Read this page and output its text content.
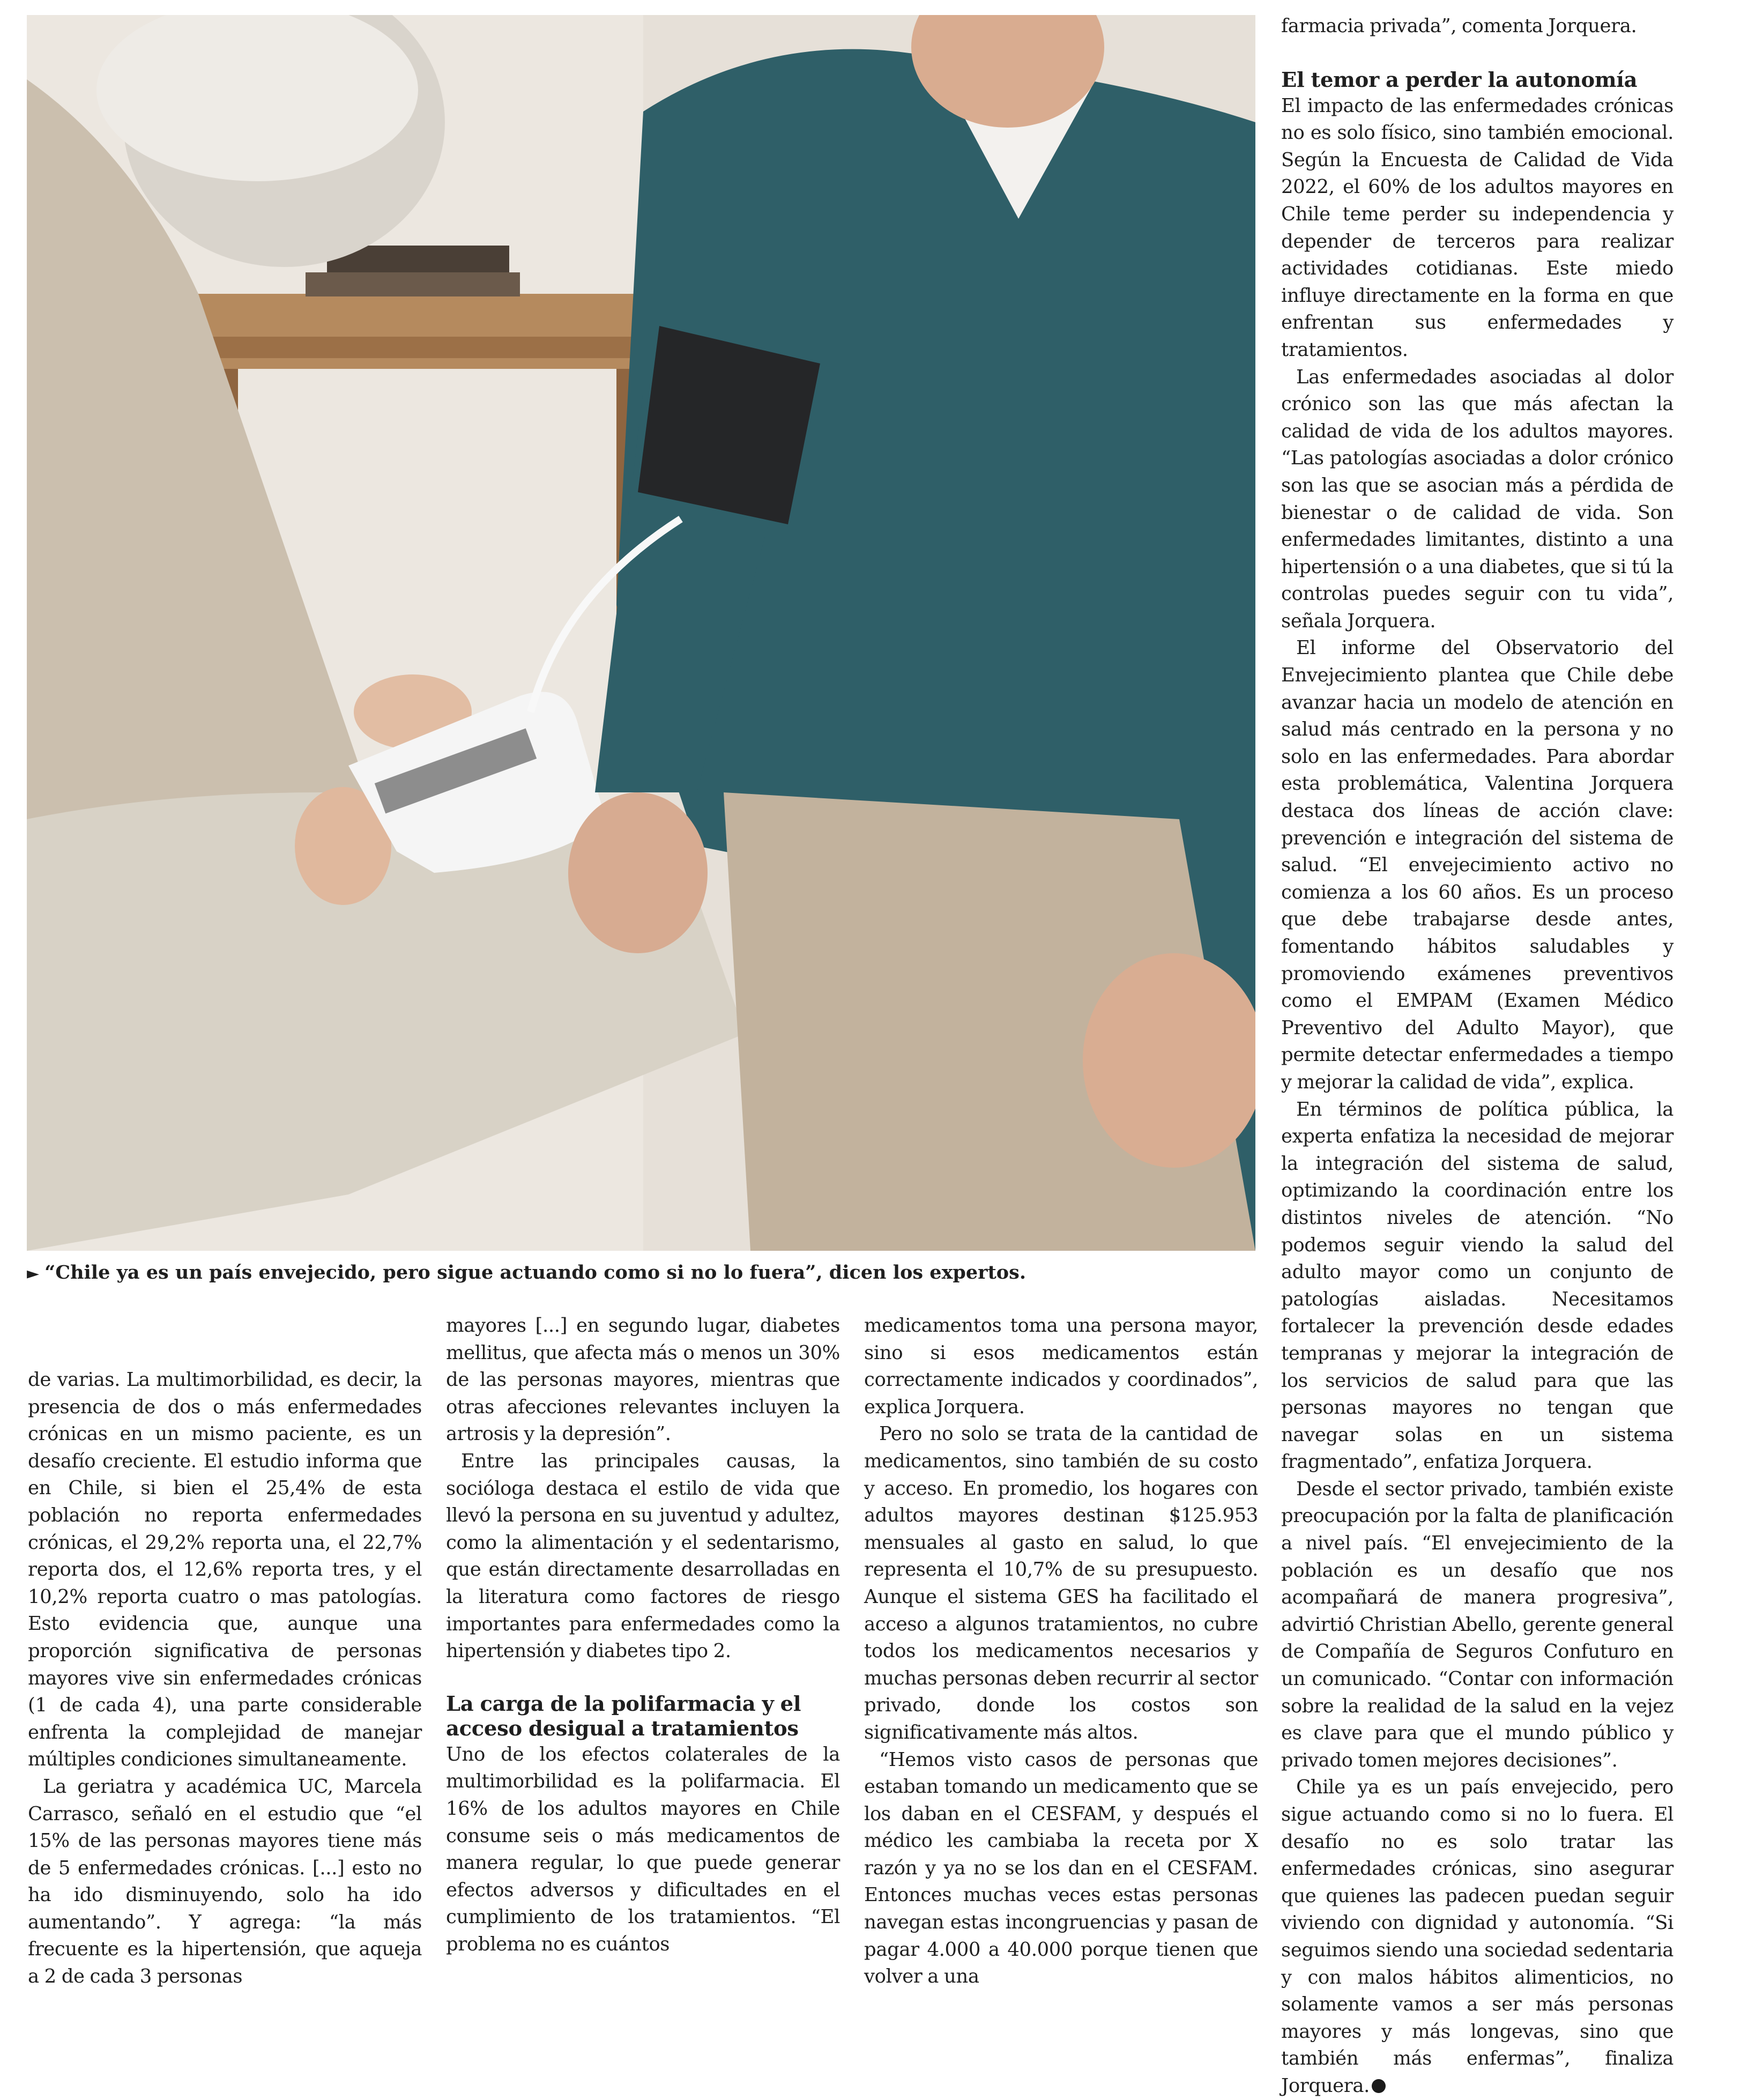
► “Chile ya es un país envejecido, pero sigue actuando como si no lo fuera”, dicen los expertos.

de varias. La multimorbilidad, es decir, la presencia de dos o más enfermedades crónicas en un mismo paciente, es un desafío creciente. El estudio informa que en Chile, si bien el 25,4% de esta población no reporta enfermedades crónicas, el 29,2% reporta una, el 22,7% reporta dos, el 12,6% reporta tres, y el 10,2% reporta cuatro o mas patologías. Esto evidencia que, aunque una proporción significativa de personas mayores vive sin enfermedades crónicas (1 de cada 4), una parte considerable enfrenta la complejidad de manejar múltiples condiciones simultaneamente.

La geriatra y académica UC, Marcela Carrasco, señaló en el estudio que “el 15% de las personas mayores tiene más de 5 enfermedades crónicas. [...] esto no ha ido disminuyendo, solo ha ido aumentando”. Y agrega: “la más frecuente es la hipertensión, que aqueja a 2 de cada 3 personas

mayores [...] en segundo lugar, diabetes mellitus, que afecta más o menos un 30% de las personas mayores, mientras que otras afecciones relevantes incluyen la artrosis y la depresión”.

Entre las principales causas, la socióloga destaca el estilo de vida que llevó la persona en su juventud y adultez, como la alimentación y el sedentarismo, que están directamente desarrolladas en la literatura como factores de riesgo importantes para enfermedades como la hipertensión y diabetes tipo 2.

La carga de la polifarmacia y el acceso desigual a tratamientos

Uno de los efectos colaterales de la multimorbilidad es la polifarmacia. El 16% de los adultos mayores en Chile consume seis o más medicamentos de manera regular, lo que puede generar efectos adversos y dificultades en el cumplimiento de los tratamientos. “El problema no es cuántos

medicamentos toma una persona mayor, sino si esos medicamentos están correctamente indicados y coordinados”, explica Jorquera.

Pero no solo se trata de la cantidad de medicamentos, sino también de su costo y acceso. En promedio, los hogares con adultos mayores destinan $125.953 mensuales al gasto en salud, lo que representa el 10,7% de su presupuesto. Aunque el sistema GES ha facilitado el acceso a algunos tratamientos, no cubre todos los medicamentos necesarios y muchas personas deben recurrir al sector privado, donde los costos son significativamente más altos.

“Hemos visto casos de personas que estaban tomando un medicamento que se los daban en el CESFAM, y después el médico les cambiaba la receta por X razón y ya no se los dan en el CESFAM. Entonces muchas veces estas personas navegan estas incongruencias y pasan de pagar 4.000 a 40.000 porque tienen que volver a una

farmacia privada”, comenta Jorquera.

El temor a perder la autonomía

El impacto de las enfermedades crónicas no es solo físico, sino también emocional. Según la Encuesta de Calidad de Vida 2022, el 60% de los adultos mayores en Chile teme perder su independencia y depender de terceros para realizar actividades cotidianas. Este miedo influye directamente en la forma en que enfrentan sus enfermedades y tratamientos.

Las enfermedades asociadas al dolor crónico son las que más afectan la calidad de vida de los adultos mayores. “Las patologías asociadas a dolor crónico son las que se asocian más a pérdida de bienestar o de calidad de vida. Son enfermedades limitantes, distinto a una hipertensión o a una diabetes, que si tú la controlas puedes seguir con tu vida”, señala Jorquera.

El informe del Observatorio del Envejecimiento plantea que Chile debe avanzar hacia un modelo de atención en salud más centrado en la persona y no solo en las enfermedades. Para abordar esta problemática, Valentina Jorquera destaca dos líneas de acción clave: prevención e integración del sistema de salud. “El envejecimiento activo no comienza a los 60 años. Es un proceso que debe trabajarse desde antes, fomentando hábitos saludables y promoviendo exámenes preventivos como el EMPAM (Examen Médico Preventivo del Adulto Mayor), que permite detectar enfermedades a tiempo y mejorar la calidad de vida”, explica.

En términos de política pública, la experta enfatiza la necesidad de mejorar la integración del sistema de salud, optimizando la coordinación entre los distintos niveles de atención. “No podemos seguir viendo la salud del adulto mayor como un conjunto de patologías aisladas. Necesitamos fortalecer la prevención desde edades tempranas y mejorar la integración de los servicios de salud para que las personas mayores no tengan que navegar solas en un sistema fragmentado”, enfatiza Jorquera.

Desde el sector privado, también existe preocupación por la falta de planificación a nivel país. “El envejecimiento de la población es un desafío que nos acompañará de manera progresiva”, advirtió Christian Abello, gerente general de Compañía de Seguros Confuturo en un comunicado. “Contar con información sobre la realidad de la salud en la vejez es clave para que el mundo público y privado tomen mejores decisiones”.

Chile ya es un país envejecido, pero sigue actuando como si no lo fuera. El desafío no es solo tratar las enfermedades crónicas, sino asegurar que quienes las padecen puedan seguir viviendo con dignidad y autonomía. “Si seguimos siendo una sociedad sedentaria y con malos hábitos alimenticios, no solamente vamos a ser más personas mayores y más longevas, sino que también más enfermas”, finaliza Jorquera.
